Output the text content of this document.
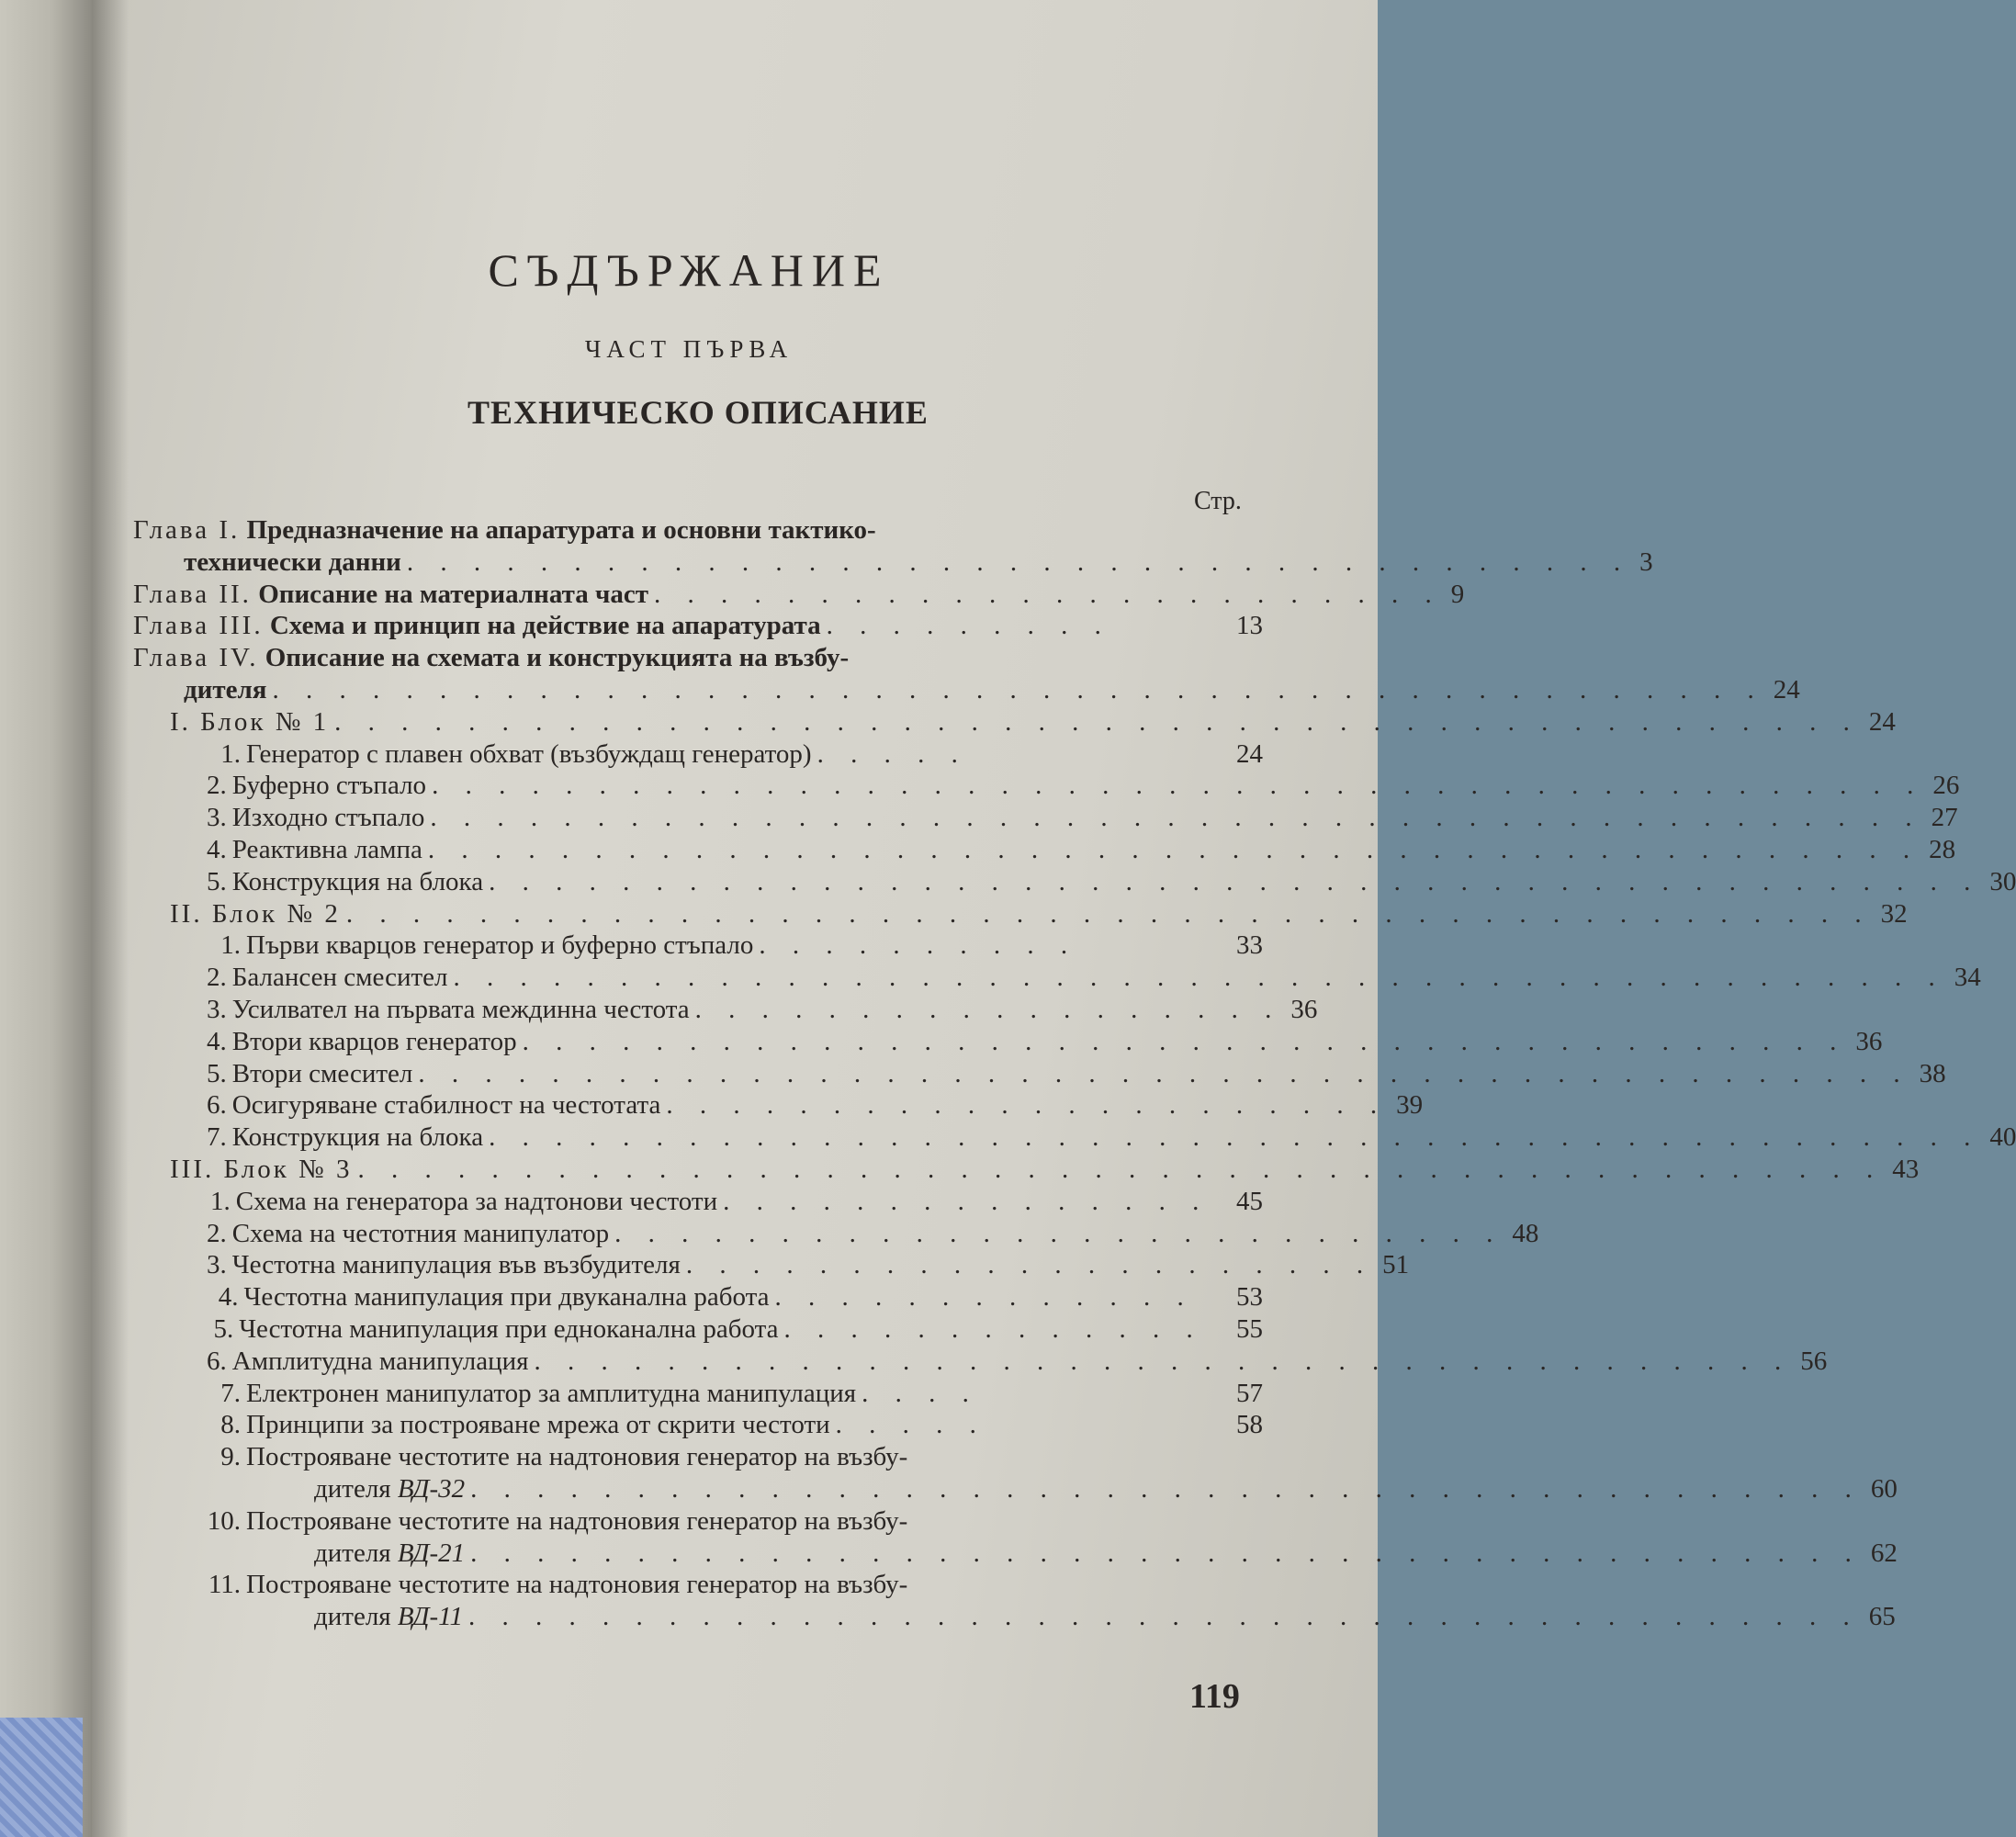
СЪДЪРЖАНИЕ
ЧАСТ ПЪРВА
ТЕХНИЧЕСКО ОПИСАНИЕ
Стр.
Глава I.
Предназначение на апаратурата и основни тактико-
технически данни . . . . . . . . . . . . . . . . . . . . . . . . . . . . . . . . . . . . . 3
Глава II.
Описание на материалната част . . . . . . . . . . . . . . . . . . . . . . . . 9
Глава III.
Схема и принцип на действие на апаратурата . . . . . . . . .	13
Глава IV.
Описание на схемата и конструкцията на възбу-
дителя . . . . . . . . . . . . . . . . . . . . . . . . . . . . . . . . . . . . . . . . . . . . . 24
I. Блок № 1 . . . . . . . . . . . . . . . . . . . . . . . . . . . . . . . . . . . . . . . . . . . . . . 24
1. Генератор с плавен обхват (възбуждащ генератор) . . . . .	24
2. Буферно стъпало . . . . . . . . . . . . . . . . . . . . . . . . . . . . . . . . . . . . . . . . . . . . . 26
3. Изходно стъпало . . . . . . . . . . . . . . . . . . . . . . . . . . . . . . . . . . . . . . . . . . . . . 27
4. Реактивна лампа . . . . . . . . . . . . . . . . . . . . . . . . . . . . . . . . . . . . . . . . . . . . . 28
5. Конструкция на блока . . . . . . . . . . . . . . . . . . . . . . . . . . . . . . . . . . . . . . . . . . . . . 30
II. Блок № 2 . . . . . . . . . . . . . . . . . . . . . . . . . . . . . . . . . . . . . . . . . . . . . . 32
1. Първи кварцов генератор и буферно стъпало . . . . . . . . . .	33
2. Балансен смесител . . . . . . . . . . . . . . . . . . . . . . . . . . . . . . . . . . . . . . . . . . . . . 34
3. Усилвател на първата междинна честота . . . . . . . . . . . . . . . . . . 36
4. Втори кварцов генератор . . . . . . . . . . . . . . . . . . . . . . . . . . . . . . . . . . . . . . . . 36
5. Втори смесител . . . . . . . . . . . . . . . . . . . . . . . . . . . . . . . . . . . . . . . . . . . . . 38
6. Осигуряване стабилност на честотата . . . . . . . . . . . . . . . . . . . . . . 39
7. Конструкция на блока . . . . . . . . . . . . . . . . . . . . . . . . . . . . . . . . . . . . . . . . . . . . . 40
III. Блок № 3 . . . . . . . . . . . . . . . . . . . . . . . . . . . . . . . . . . . . . . . . . . . . . . 43
1. Схема на генератора за надтонови честоти . . . . . . . . . . . . . . .	45
2. Схема на честотния манипулатор . . . . . . . . . . . . . . . . . . . . . . . . . . . 48
3. Честотна манипулация във възбудителя . . . . . . . . . . . . . . . . . . . . . 51
4. Честотна манипулация при двуканална работа . . . . . . . . . . . . .	53
5. Честотна манипулация при едноканална работа . . . . . . . . . . . . .	55
6. Амплитудна манипулация . . . . . . . . . . . . . . . . . . . . . . . . . . . . . . . . . . . . . . 56
7. Електронен манипулатор за амплитудна манипулация . . . .	57
8. Принципи за построяване мрежа от скрити честоти . . . . .	58
9. Построяване честотите на надтоновия генератор на възбу-
дителя
ВД-32 . . . . . . . . . . . . . . . . . . . . . . . . . . . . . . . . . . . . . . . . . . 60
10. Построяване честотите на надтоновия генератор на възбу-
дителя
ВД-21 . . . . . . . . . . . . . . . . . . . . . . . . . . . . . . . . . . . . . . . . . . 62
11. Построяване честотите на надтоновия генератор на възбу-
дителя
ВД-11 . . . . . . . . . . . . . . . . . . . . . . . . . . . . . . . . . . . . . . . . . . 65
119
